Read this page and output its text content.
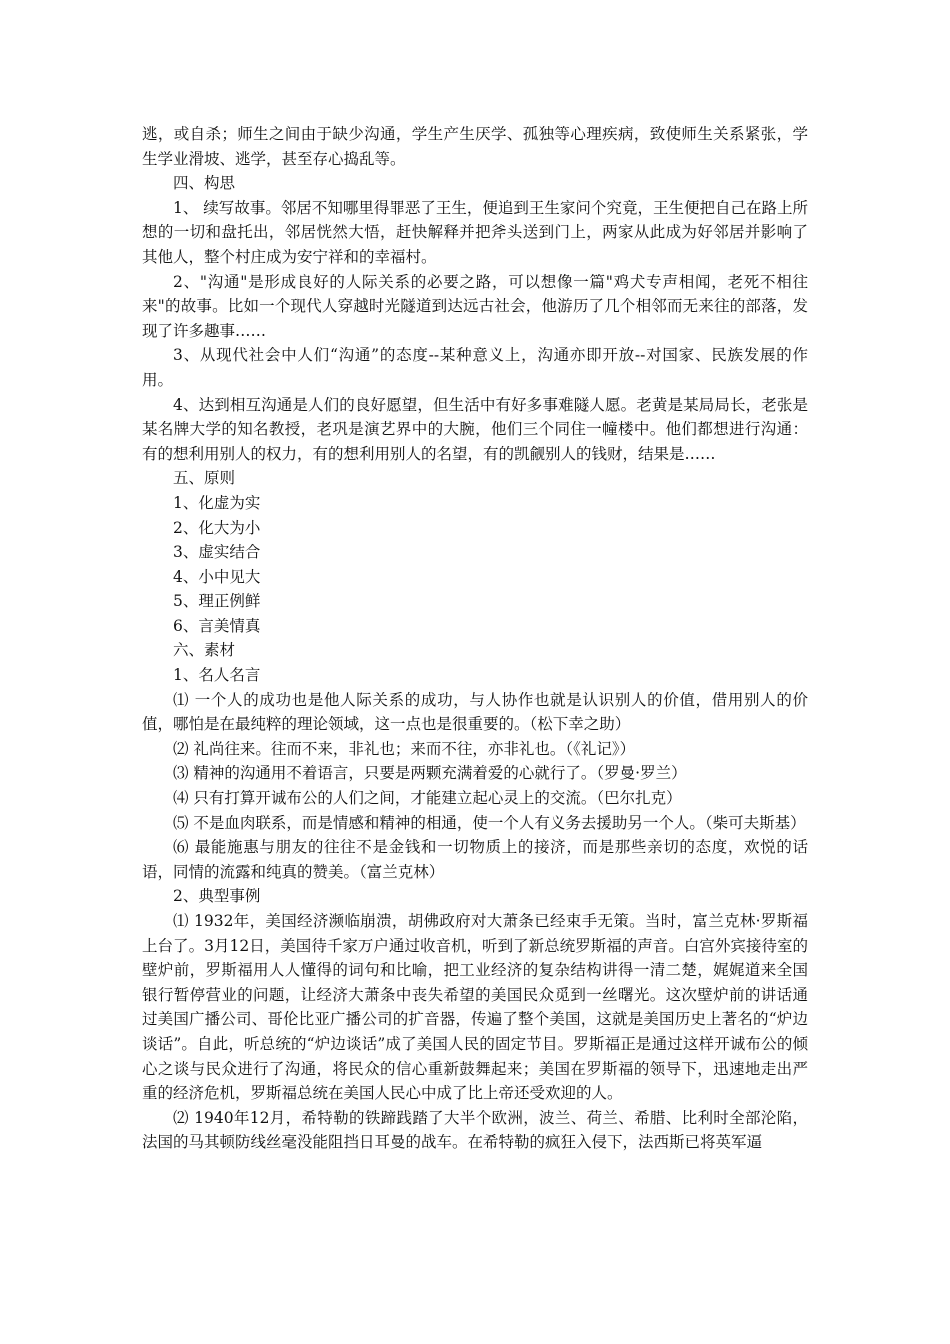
逃，或自杀；师生之间由于缺少沟通，学生产生厌学、孤独等心理疾病，致使师生关系紧张，学生学业滑坡、逃学，甚至存心捣乱等。

四、构思

1、 续写故事。邻居不知哪里得罪恶了王生，便追到王生家问个究竟，王生便把自己在路上所想的一切和盘托出，邻居恍然大悟，赶快解释并把斧头送到门上，两家从此成为好邻居并影响了其他人，整个村庄成为安宁祥和的幸福村。

2、"沟通"是形成良好的人际关系的必要之路，可以想像一篇"鸡犬专声相闻，老死不相往来"的故事。比如一个现代人穿越时光隧道到达远古社会，他游历了几个相邻而无来往的部落，发现了许多趣事……

3、从现代社会中人们“沟通”的态度--某种意义上，沟通亦即开放--对国家、民族发展的作用。

4、达到相互沟通是人们的良好愿望，但生活中有好多事难隧人愿。老黄是某局局长，老张是某名牌大学的知名教授，老巩是演艺界中的大腕，他们三个同住一幢楼中。他们都想进行沟通：有的想利用别人的权力，有的想利用别人的名望，有的凯觎别人的钱财，结果是……

五、原则

1、化虚为实

2、化大为小

3、虚实结合

4、小中见大

5、理正例鲜

6、言美情真

六、素材

1、名人名言

⑴ 一个人的成功也是他人际关系的成功，与人协作也就是认识别人的价值，借用别人的价值，哪怕是在最纯粹的理论领域，这一点也是很重要的。（松下幸之助）

⑵ 礼尚往来。往而不来，非礼也；来而不往，亦非礼也。（《礼记》）

⑶ 精神的沟通用不着语言，只要是两颗充满着爱的心就行了。（罗曼·罗兰）

⑷ 只有打算开诚布公的人们之间，才能建立起心灵上的交流。（巴尔扎克）

⑸ 不是血肉联系，而是情感和精神的相通，使一个人有义务去援助另一个人。（柴可夫斯基）

⑹ 最能施惠与朋友的往往不是金钱和一切物质上的接济，而是那些亲切的态度，欢悦的话语，同情的流露和纯真的赞美。（富兰克林）

2、典型事例

⑴ 1932年，美国经济濒临崩溃，胡佛政府对大萧条已经束手无策。当时，富兰克林·罗斯福上台了。3月12日，美国待千家万户通过收音机，听到了新总统罗斯福的声音。白宫外宾接待室的壁炉前，罗斯福用人人懂得的词句和比喻，把工业经济的复杂结构讲得一清二楚，娓娓道来全国银行暂停营业的问题，让经济大萧条中丧失希望的美国民众觅到一丝曙光。这次壁炉前的讲话通过美国广播公司、哥伦比亚广播公司的扩音器，传遍了整个美国，这就是美国历史上著名的“炉边谈话”。自此，听总统的“炉边谈话”成了美国人民的固定节目。罗斯福正是通过这样开诚布公的倾心之谈与民众进行了沟通，将民众的信心重新鼓舞起来；美国在罗斯福的领导下，迅速地走出严重的经济危机，罗斯福总统在美国人民心中成了比上帝还受欢迎的人。

⑵ 1940年12月，希特勒的铁蹄践踏了大半个欧洲，波兰、荷兰、希腊、比利时全部沦陷，法国的马其顿防线丝毫没能阻挡日耳曼的战车。在希特勒的疯狂入侵下，法西斯已将英军逼
